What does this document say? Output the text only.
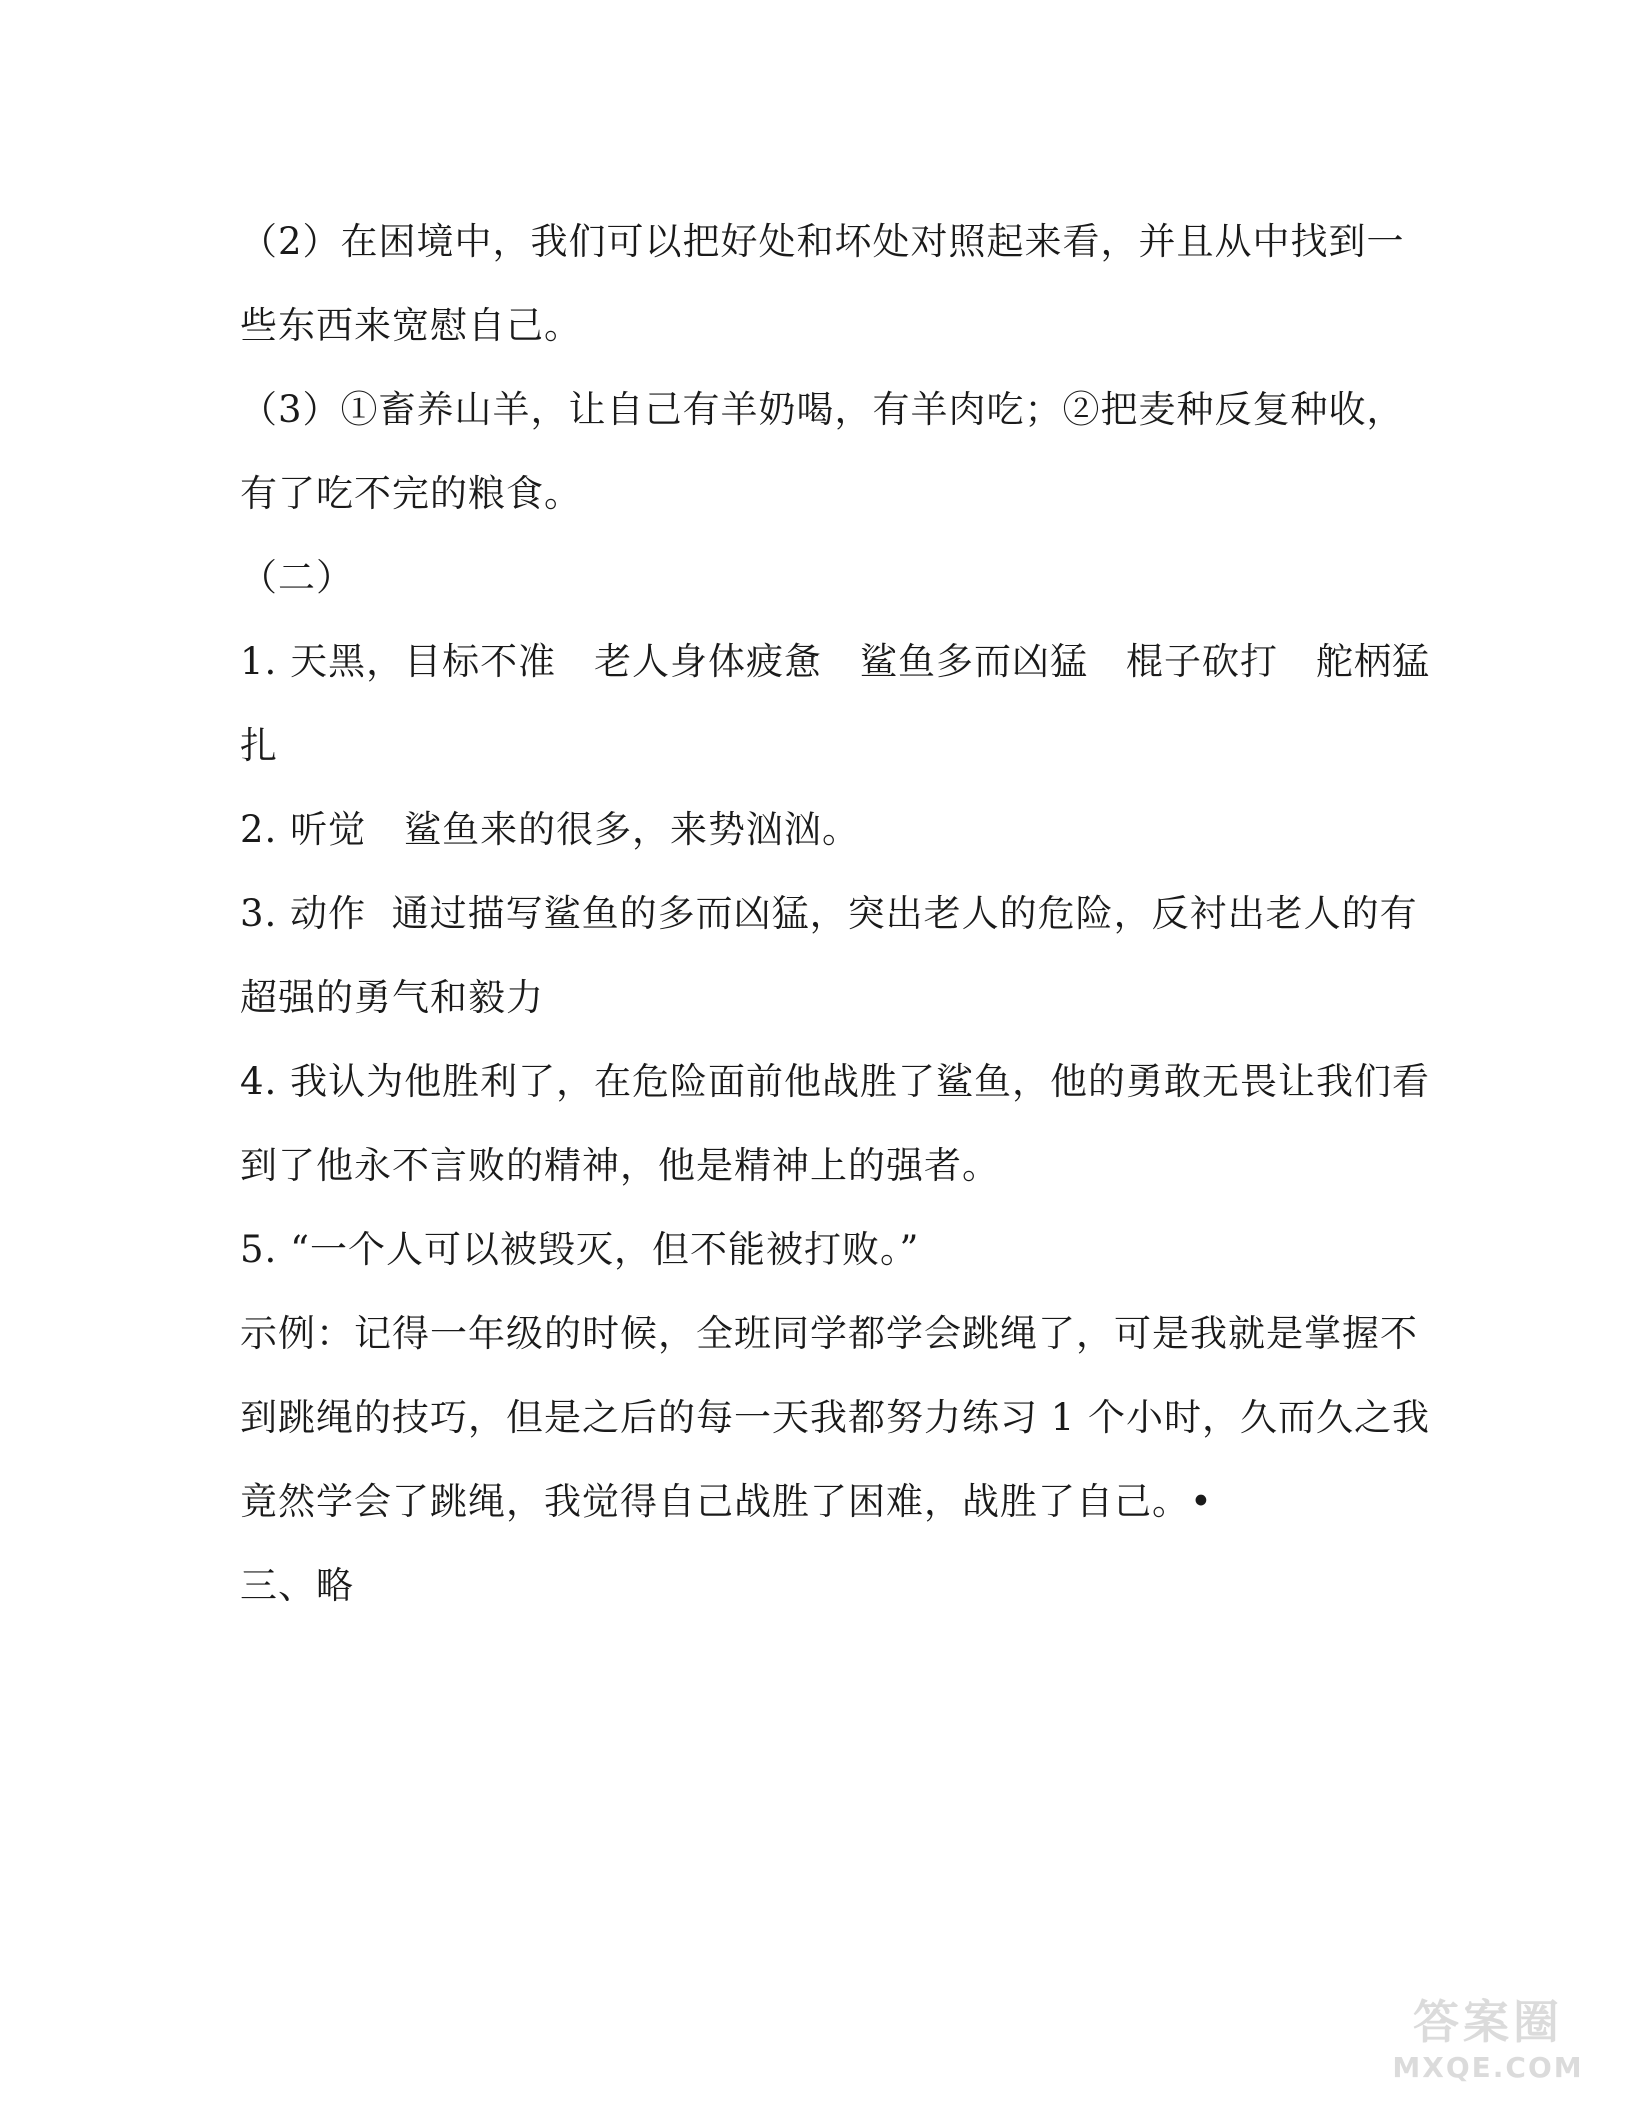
（2）在困境中，我们可以把好处和坏处对照起来看，并且从中找到一
些东西来宽慰自己。
（3）①畜养山羊，让自己有羊奶喝，有羊肉吃；②把麦种反复种收，
有了吃不完的粮食。
（二）
1. 天黑，目标不准　老人身体疲惫　鲨鱼多而凶猛　棍子砍打　舵柄猛
扎
2. 听觉　鲨鱼来的很多，来势汹汹。
3. 动作  通过描写鲨鱼的多而凶猛，突出老人的危险，反衬出老人的有
超强的勇气和毅力
4. 我认为他胜利了，在危险面前他战胜了鲨鱼，他的勇敢无畏让我们看
到了他永不言败的精神，他是精神上的强者。
5. “一个人可以被毁灭，但不能被打败。”
示例：记得一年级的时候，全班同学都学会跳绳了，可是我就是掌握不
到跳绳的技巧，但是之后的每一天我都努力练习 1 个小时，久而久之我
竟然学会了跳绳，我觉得自己战胜了困难，战胜了自己。•
三、略
答案圈
MXQE.COM
